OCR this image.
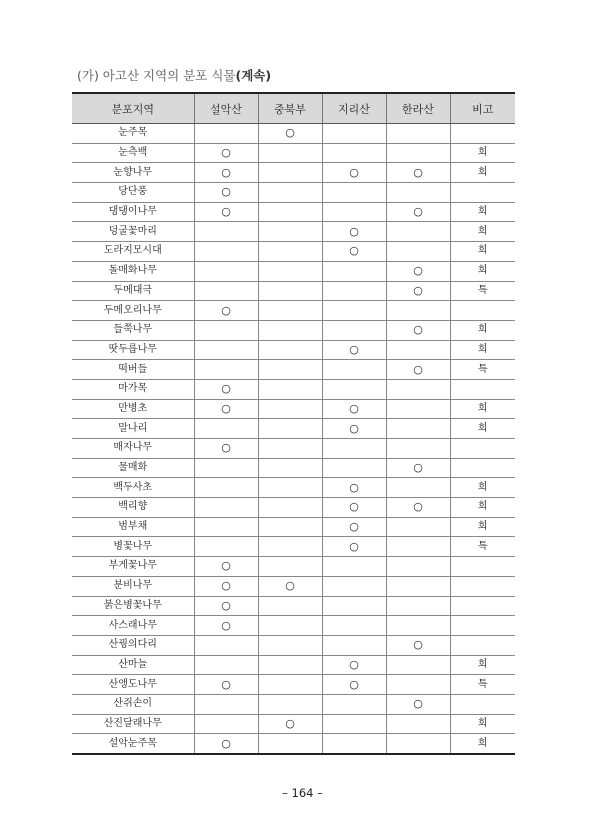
(가) 아고산 지역의 분포 식물(계속)
분포지역	설악산	중북부	지리산	한라산	비고
눈주목		○			
눈측백	○				희
눈향나무	○		○	○	희
당단풍	○				
댕댕이나무	○			○	희
덩굴꽃마리			○		희
도라지모시대			○		희
돌매화나무				○	희
두메대극				○	특
두메오리나무	○				
들쭉나무				○	희
땃두릅나무			○		희
떡버들				○	특
마가목	○				
만병초	○		○		희
말나리			○		희
매자나무	○				
물매화				○	
백두사초			○		희
백리향			○	○	희
범부채			○		희
병꽃나무			○		특
부게꽃나무	○				
분비나무	○	○			
붉은병꽃나무	○				
사스래나무	○				
산꿩의다리				○	
산마늘			○		희
산앵도나무	○		○		특
산쥐손이				○	
산진달래나무		○			희
설악눈주목	○				희
– 164 –
